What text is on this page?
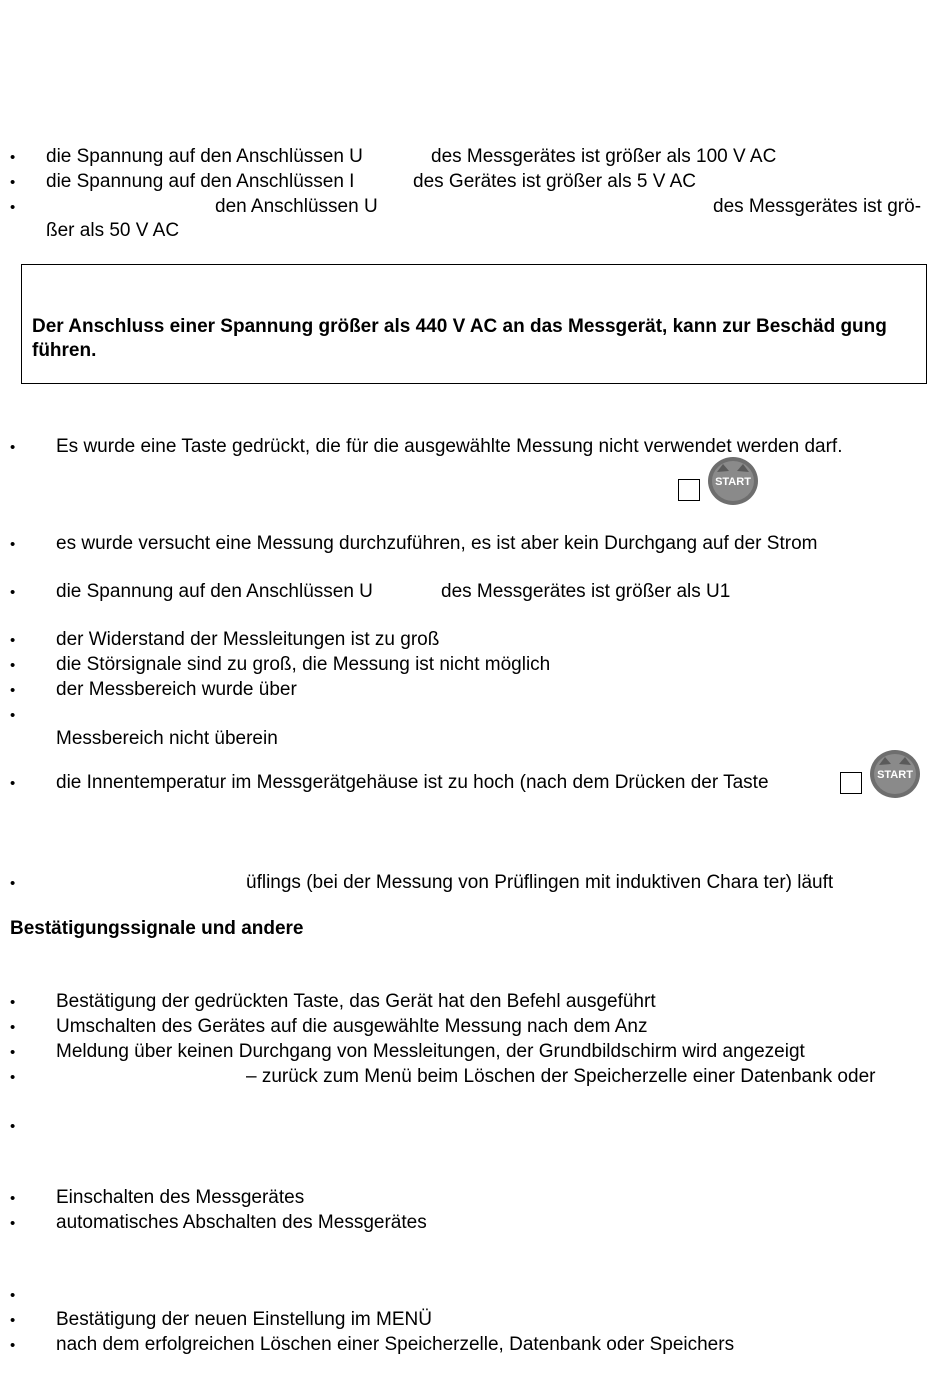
• die Spannung auf den Anschlüssen U	des Messgerätes ist größer als 100 V AC
• die Spannung auf den Anschlüssen I	des Gerätes ist größer als 5 V AC
•	den Anschlüssen U	des Messgerätes ist grö-
ßer als 50 V AC
Der Anschluss einer Spannung größer als 440 V AC an das Messgerät, kann zur Beschäd gung führen.
• Es wurde eine Taste gedrückt, die für die ausgewählte Messung nicht verwendet werden darf.
START
• es wurde versucht eine Messung durchzuführen, es ist aber kein Durchgang auf der Strom
• die Spannung auf den Anschlüssen U	des Messgerätes ist größer als U1
• der Widerstand der Messleitungen ist zu groß
• die Störsignale sind zu groß, die Messung ist nicht möglich
• der Messbereich wurde über
•
Messbereich nicht überein
• die Innentemperatur im Messgerätgehäuse ist zu hoch (nach dem Drücken der Taste	START
•	üflings (bei der Messung von Prüflingen mit induktiven Chara ter) läuft
Bestätigungssignale und andere
• Bestätigung der gedrückten Taste, das Gerät hat den Befehl ausgeführt
• Umschalten des Gerätes auf die ausgewählte Messung nach dem Anz
• Meldung über keinen Durchgang von Messleitungen, der Grundbildschirm wird angezeigt
•	– zurück zum Menü beim Löschen der Speicherzelle einer Datenbank oder
•
• Einschalten des Messgerätes
• automatisches Abschalten des Messgerätes
•
• Bestätigung der neuen Einstellung im MENÜ
• nach dem erfolgreichen Löschen einer Speicherzelle, Datenbank oder Speichers
